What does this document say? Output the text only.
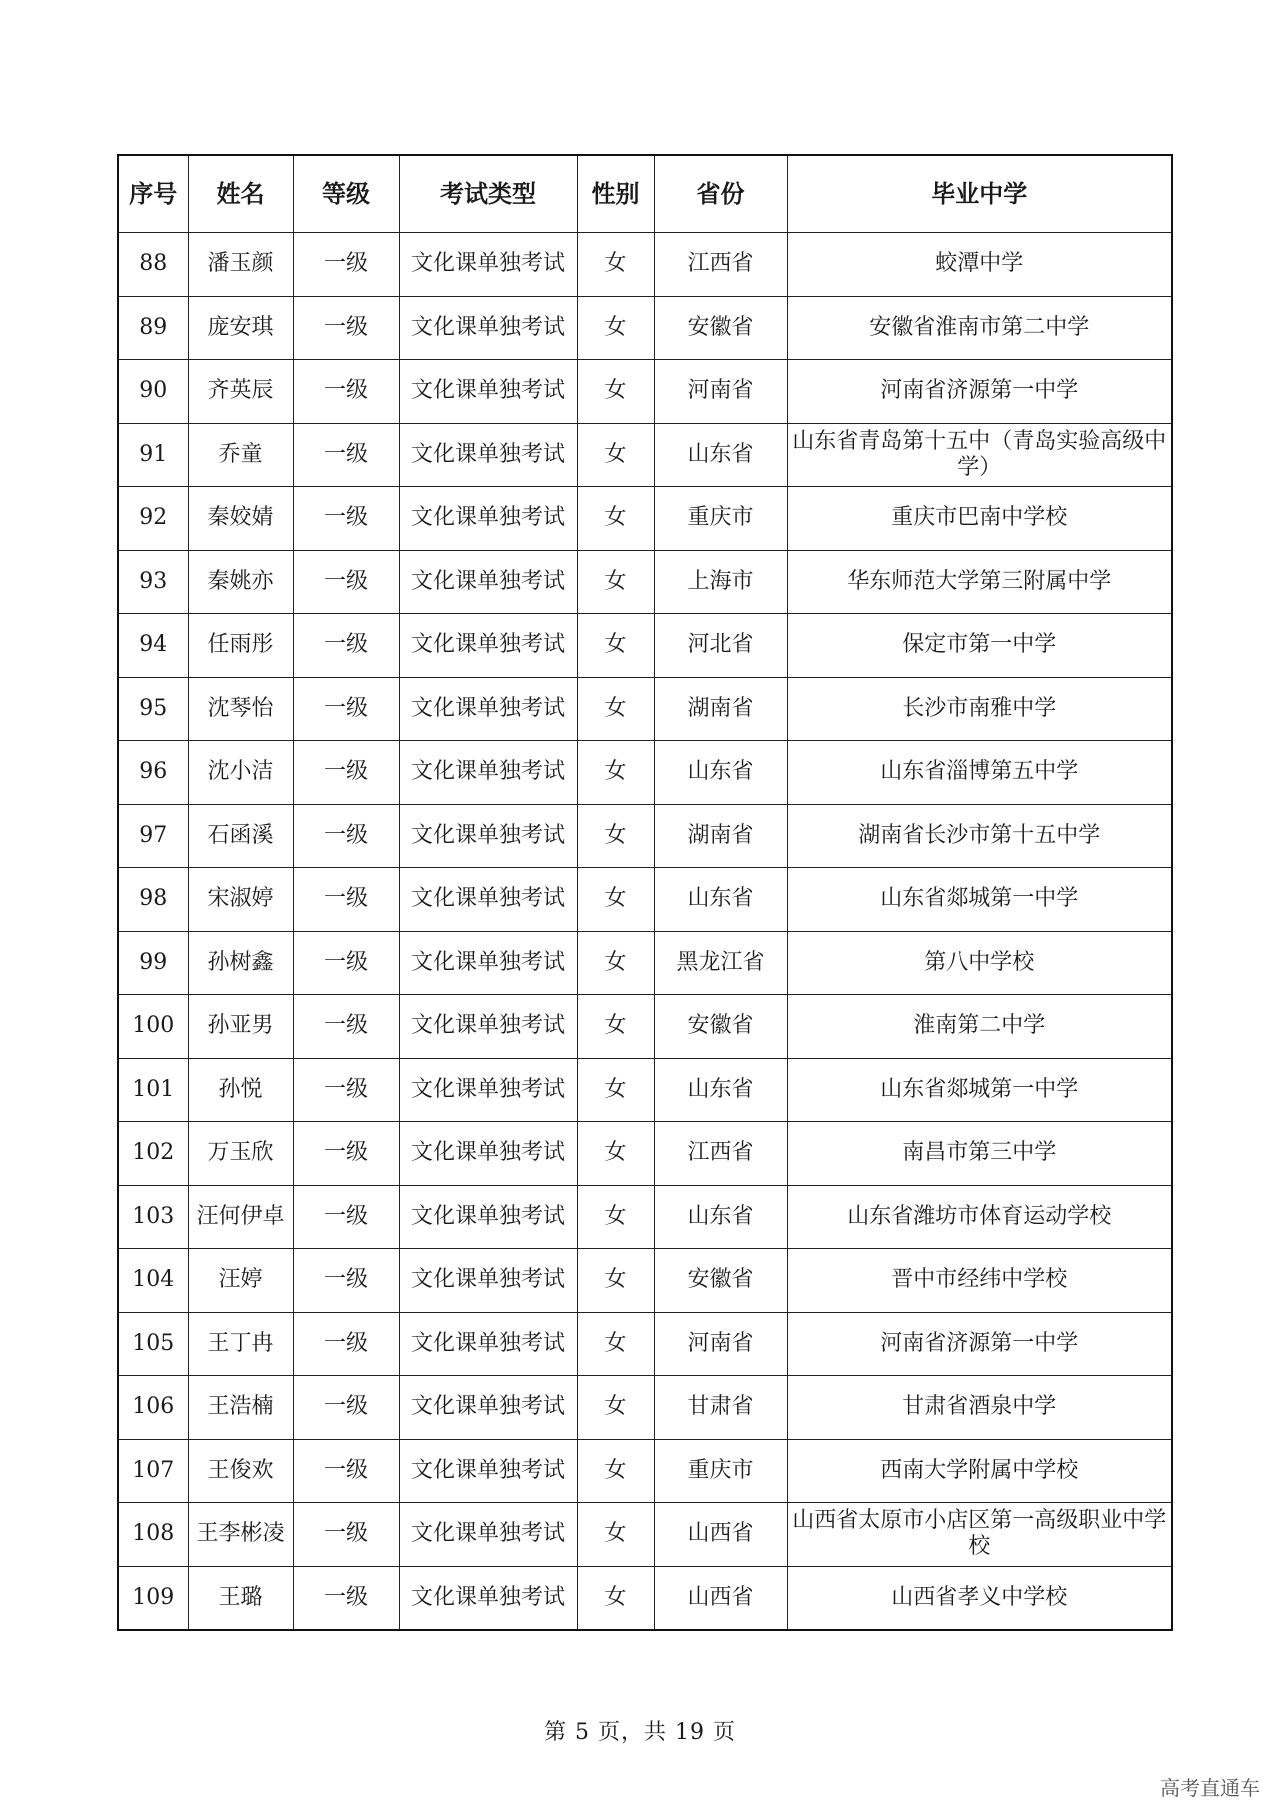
序号	姓名	等级	考试类型	性别	省份	毕业中学
88	潘玉颜	一级	文化课单独考试	女	江西省	蛟潭中学
89	庞安琪	一级	文化课单独考试	女	安徽省	安徽省淮南市第二中学
90	齐英辰	一级	文化课单独考试	女	河南省	河南省济源第一中学
91	乔童	一级	文化课单独考试	女	山东省	山东省青岛第十五中（青岛实验高级中学）
92	秦姣婧	一级	文化课单独考试	女	重庆市	重庆市巴南中学校
93	秦姚亦	一级	文化课单独考试	女	上海市	华东师范大学第三附属中学
94	任雨彤	一级	文化课单独考试	女	河北省	保定市第一中学
95	沈琴怡	一级	文化课单独考试	女	湖南省	长沙市南雅中学
96	沈小洁	一级	文化课单独考试	女	山东省	山东省淄博第五中学
97	石函溪	一级	文化课单独考试	女	湖南省	湖南省长沙市第十五中学
98	宋淑婷	一级	文化课单独考试	女	山东省	山东省郯城第一中学
99	孙树鑫	一级	文化课单独考试	女	黑龙江省	第八中学校
100	孙亚男	一级	文化课单独考试	女	安徽省	淮南第二中学
101	孙悦	一级	文化课单独考试	女	山东省	山东省郯城第一中学
102	万玉欣	一级	文化课单独考试	女	江西省	南昌市第三中学
103	汪何伊卓	一级	文化课单独考试	女	山东省	山东省潍坊市体育运动学校
104	汪婷	一级	文化课单独考试	女	安徽省	晋中市经纬中学校
105	王丁冉	一级	文化课单独考试	女	河南省	河南省济源第一中学
106	王浩楠	一级	文化课单独考试	女	甘肃省	甘肃省酒泉中学
107	王俊欢	一级	文化课单独考试	女	重庆市	西南大学附属中学校
108	王李彬凌	一级	文化课单独考试	女	山西省	山西省太原市小店区第一高级职业中学校
109	王璐	一级	文化课单独考试	女	山西省	山西省孝义中学校
第 5 页，共 19 页
高考直通车
